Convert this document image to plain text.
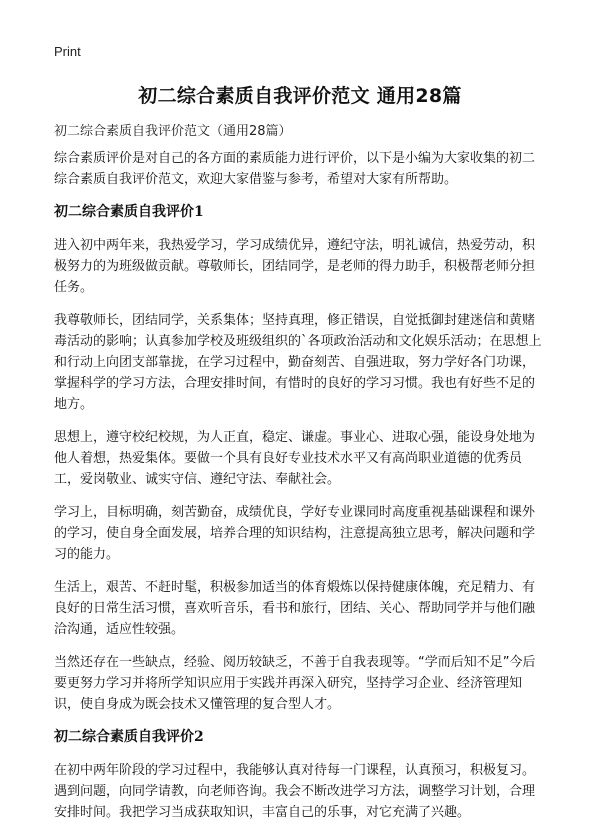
Print
初二综合素质自我评价范文 通用28篇
初二综合素质自我评价范文（通用28篇）

综合素质评价是对自己的各方面的素质能力进行评价，以下是小编为大家收集的初二综合素质自我评价范文，欢迎大家借鉴与参考，希望对大家有所帮助。

初二综合素质自我评价1

进入初中两年来，我热爱学习，学习成绩优异，遵纪守法，明礼诚信，热爱劳动，积极努力的为班级做贡献。尊敬师长，团结同学，是老师的得力助手，积极帮老师分担任务。

我尊敬师长，团结同学，关系集体；坚持真理，修正错误，自觉抵御封建迷信和黄赌毒活动的影响；认真参加学校及班级组织的`各项政治活动和文化娱乐活动；在思想上和行动上向团支部靠拢，在学习过程中，勤奋刻苦、自强进取，努力学好各门功课，掌握科学的学习方法，合理安排时间，有惜时的良好的学习习惯。我也有好些不足的地方。

思想上，遵守校纪校规，为人正直，稳定、谦虚。事业心、进取心强，能设身处地为他人着想，热爱集体。要做一个具有良好专业技术水平又有高尚职业道德的优秀员工，爱岗敬业、诚实守信、遵纪守法、奉献社会。

学习上，目标明确，刻苦勤奋，成绩优良，学好专业课同时高度重视基础课程和课外的学习，使自身全面发展，培养合理的知识结构，注意提高独立思考，解决问题和学习的能力。

生活上，艰苦、不赶时髦，积极参加适当的体育煅炼以保持健康体魄，充足精力、有良好的日常生活习惯，喜欢听音乐，看书和旅行，团结、关心、帮助同学并与他们融洽沟通，适应性较强。

当然还存在一些缺点，经验、阅历较缺乏，不善于自我表现等。“学而后知不足”今后要更努力学习并将所学知识应用于实践并再深入研究，坚持学习企业、经济管理知识，使自身成为既会技术又懂管理的复合型人才。

初二综合素质自我评价2

在初中两年阶段的学习过程中，我能够认真对待每一门课程，认真预习，积极复习。遇到问题，向同学请教，向老师咨询。我会不断改进学习方法，调整学习计划，合理安排时间。我把学习当成获取知识，丰富自己的乐事，对它充满了兴趣。
